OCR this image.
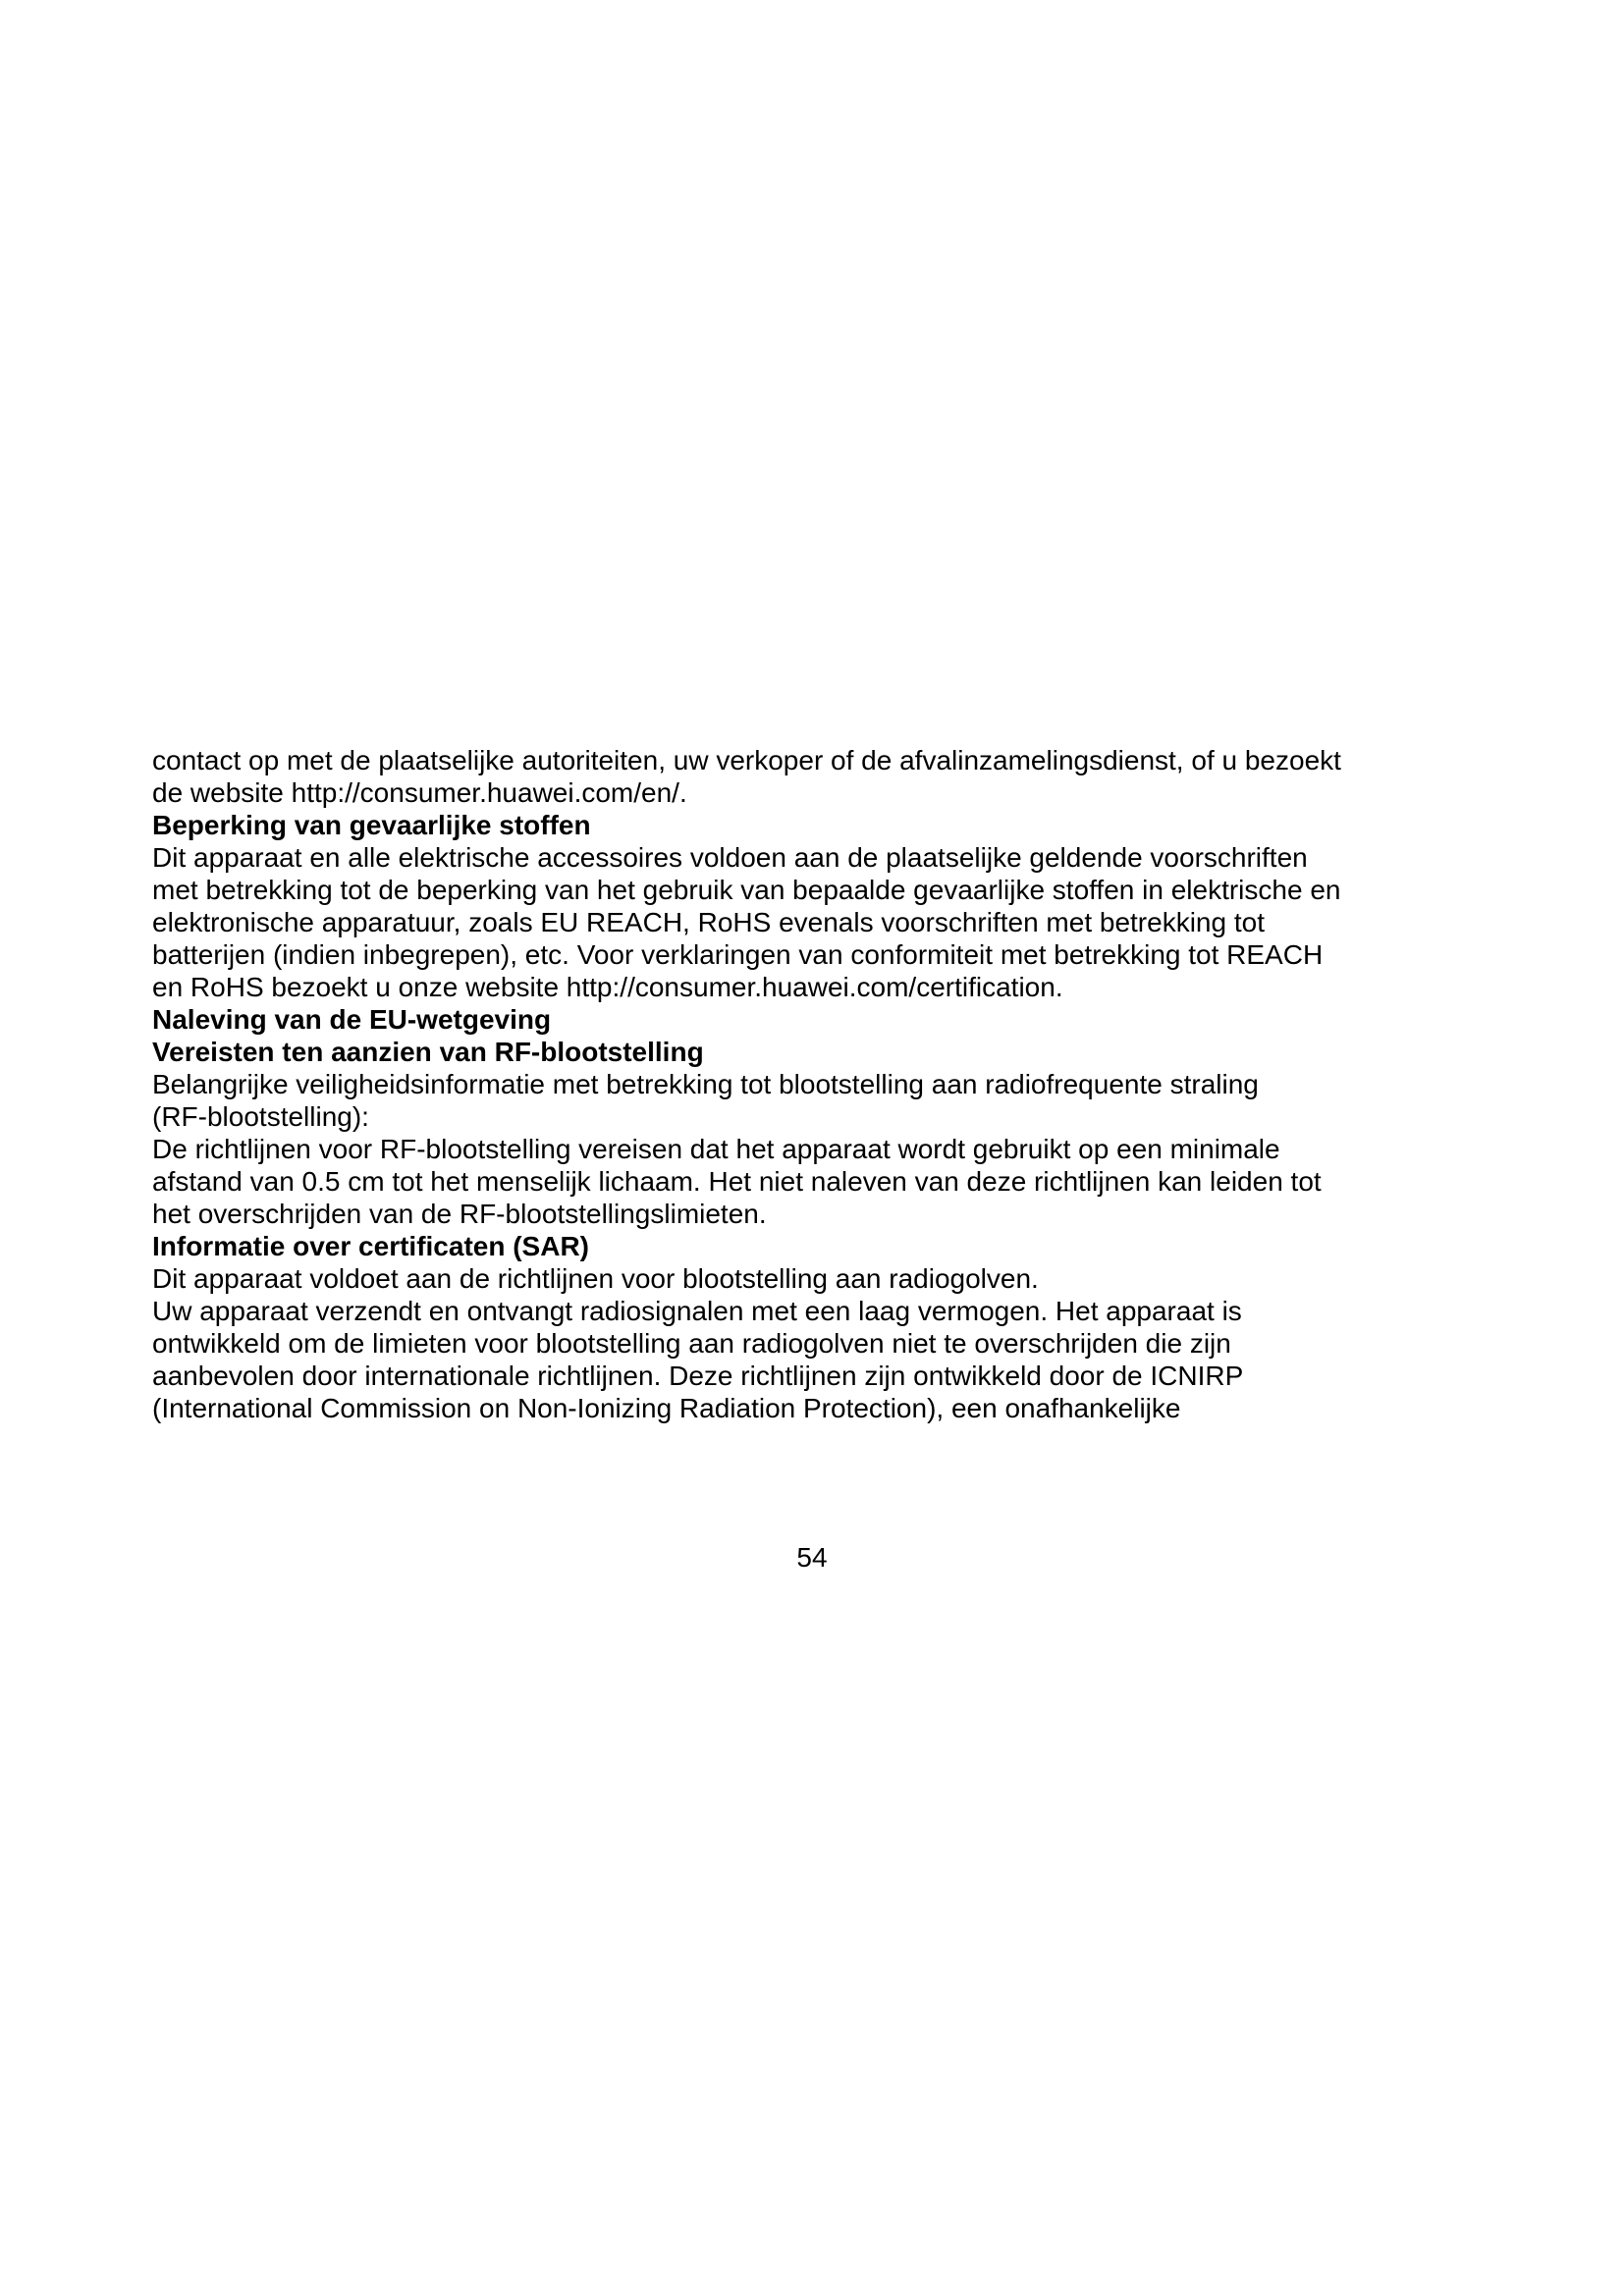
contact op met de plaatselijke autoriteiten, uw verkoper of de afvalinzamelingsdienst, of u bezoekt
de website http://consumer.huawei.com/en/.
Beperking van gevaarlijke stoffen
Dit apparaat en alle elektrische accessoires voldoen aan de plaatselijke geldende voorschriften
met betrekking tot de beperking van het gebruik van bepaalde gevaarlijke stoffen in elektrische en
elektronische apparatuur, zoals EU REACH, RoHS evenals voorschriften met betrekking tot
batterijen (indien inbegrepen), etc. Voor verklaringen van conformiteit met betrekking tot REACH
en RoHS bezoekt u onze website http://consumer.huawei.com/certification.
Naleving van de EU-wetgeving
Vereisten ten aanzien van RF-blootstelling
Belangrijke veiligheidsinformatie met betrekking tot blootstelling aan radiofrequente straling
(RF-blootstelling):
De richtlijnen voor RF-blootstelling vereisen dat het apparaat wordt gebruikt op een minimale
afstand van 0.5 cm tot het menselijk lichaam. Het niet naleven van deze richtlijnen kan leiden tot
het overschrijden van de RF-blootstellingslimieten.
Informatie over certificaten (SAR)
Dit apparaat voldoet aan de richtlijnen voor blootstelling aan radiogolven.
Uw apparaat verzendt en ontvangt radiosignalen met een laag vermogen. Het apparaat is
ontwikkeld om de limieten voor blootstelling aan radiogolven niet te overschrijden die zijn
aanbevolen door internationale richtlijnen. Deze richtlijnen zijn ontwikkeld door de ICNIRP
(International Commission on Non-Ionizing Radiation Protection), een onafhankelijke
54
